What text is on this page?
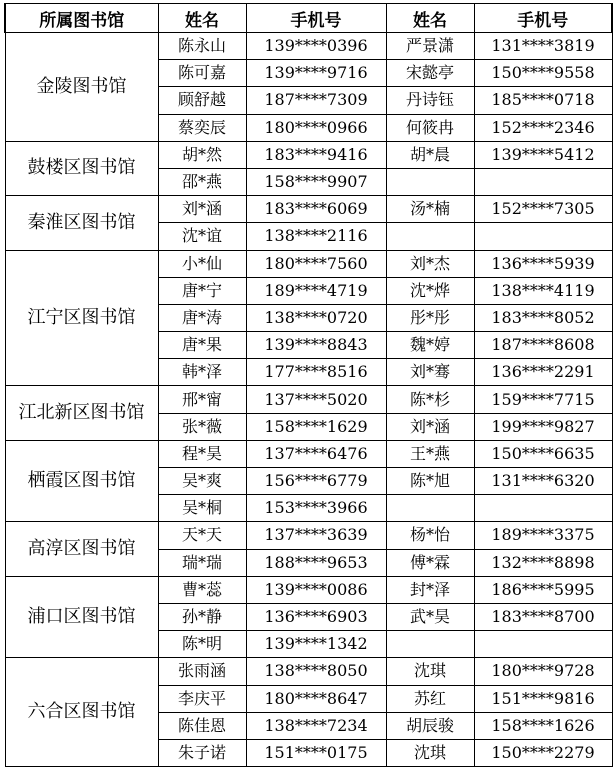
所属图书馆	姓名	手机号	姓名	手机号
金陵图书馆	陈永山	139****0396	严景潇	131****3819
	陈可嘉	139****9716	宋懿亭	150****9558
	顾舒越	187****7309	丹诗钰	185****0718
	蔡奕辰	180****0966	何筱冉	152****2346
鼓楼区图书馆	胡*然	183****9416	胡*晨	139****5412
	邵*燕	158****9907		
秦淮区图书馆	刘*涵	183****6069	汤*楠	152****7305
	沈*谊	138****2116		
江宁区图书馆	小*仙	180****7560	刘*杰	136****5939
	唐*宁	189****4719	沈*烨	138****4119
	唐*涛	138****0720	彤*彤	183****8052
	唐*果	139****8843	魏*婷	187****8608
	韩*泽	177****8516	刘*骞	136****2291
江北新区图书馆	邢*甯	137****5020	陈*杉	159****7715
	张*薇	158****1629	刘*涵	199****9827
栖霞区图书馆	程*昊	137****6476	王*燕	150****6635
	吴*爽	156****6779	陈*旭	131****6320
	吴*桐	153****3966		
高淳区图书馆	天*天	137****3639	杨*怡	189****3375
	瑞*瑞	188****9653	傅*霖	132****8898
浦口区图书馆	曹*蕊	139****0086	封*泽	186****5995
	孙*静	136****6903	武*昊	183****8700
	陈*明	139****1342		
六合区图书馆	张雨涵	138****8050	沈琪	180****9728
	李庆平	180****8647	苏红	151****9816
	陈佳恩	138****7234	胡辰骏	158****1626
	朱子诺	151****0175	沈琪	150****2279
